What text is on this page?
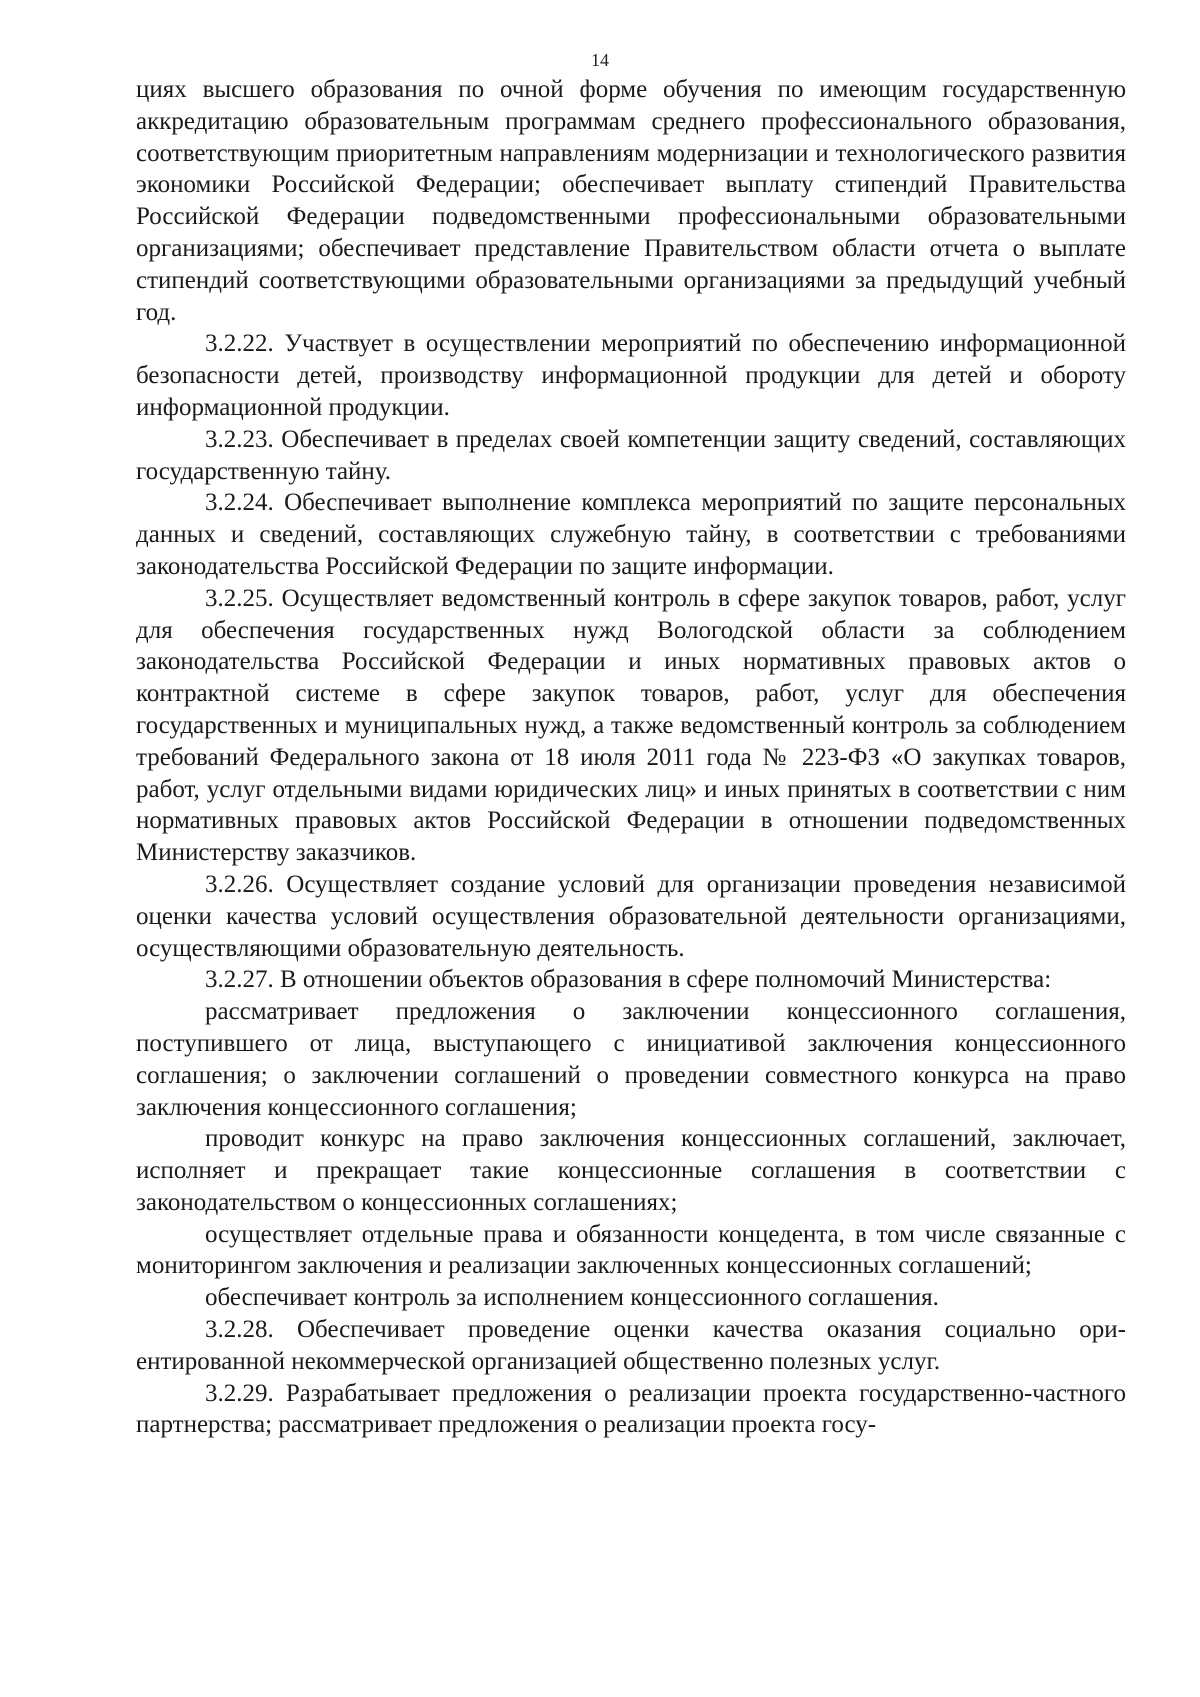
14

циях высшего образования по очной форме обучения по имеющим государственную аккредитацию образовательным программам среднего профессионального образования, соответствующим приоритетным направлениям модернизации и технологического развития экономики Российской Федерации; обеспечивает выплату стипендий Правительства Российской Федерации подведомственными профессиональными образовательными организациями; обеспечивает представление Правительством области отчета о выплате стипендий соответствующими образовательными организациями за предыдущий учебный год.

3.2.22. Участвует в осуществлении мероприятий по обеспечению информационной безопасности детей, производству информационной продукции для детей и обороту информационной продукции.

3.2.23. Обеспечивает в пределах своей компетенции защиту сведений, составляющих государственную тайну.

3.2.24. Обеспечивает выполнение комплекса мероприятий по защите персональных данных и сведений, составляющих служебную тайну, в соответствии с требованиями законодательства Российской Федерации по защите информации.

3.2.25. Осуществляет ведомственный контроль в сфере закупок товаров, работ, услуг для обеспечения государственных нужд Вологодской области за соблюдением законодательства Российской Федерации и иных нормативных правовых актов о контрактной системе в сфере закупок товаров, работ, услуг для обеспечения государственных и муниципальных нужд, а также ведомственный контроль за соблюдением требований Федерального закона от 18 июля 2011 года № 223-ФЗ «О закупках товаров, работ, услуг отдельными видами юридических лиц» и иных принятых в соответствии с ним нормативных правовых актов Российской Федерации в отношении подведомственных Министерству заказчиков.

3.2.26. Осуществляет создание условий для организации проведения независимой оценки качества условий осуществления образовательной деятельности организациями, осуществляющими образовательную деятельность.

3.2.27. В отношении объектов образования в сфере полномочий Министерства:

рассматривает предложения о заключении концессионного соглашения, поступившего от лица, выступающего с инициативой заключения концессионного соглашения; о заключении соглашений о проведении совместного конкурса на право заключения концессионного соглашения;

проводит конкурс на право заключения концессионных соглашений, заключает, исполняет и прекращает такие концессионные соглашения в соответствии с законодательством о концессионных соглашениях;

осуществляет отдельные права и обязанности концедента, в том числе связанные с мониторингом заключения и реализации заключенных концессионных соглашений;

обеспечивает контроль за исполнением концессионного соглашения.

3.2.28. Обеспечивает проведение оценки качества оказания социально ориентированной некоммерческой организацией общественно полезных услуг.

3.2.29. Разрабатывает предложения о реализации проекта государственно-частного партнерства; рассматривает предложения о реализации проекта госу-
